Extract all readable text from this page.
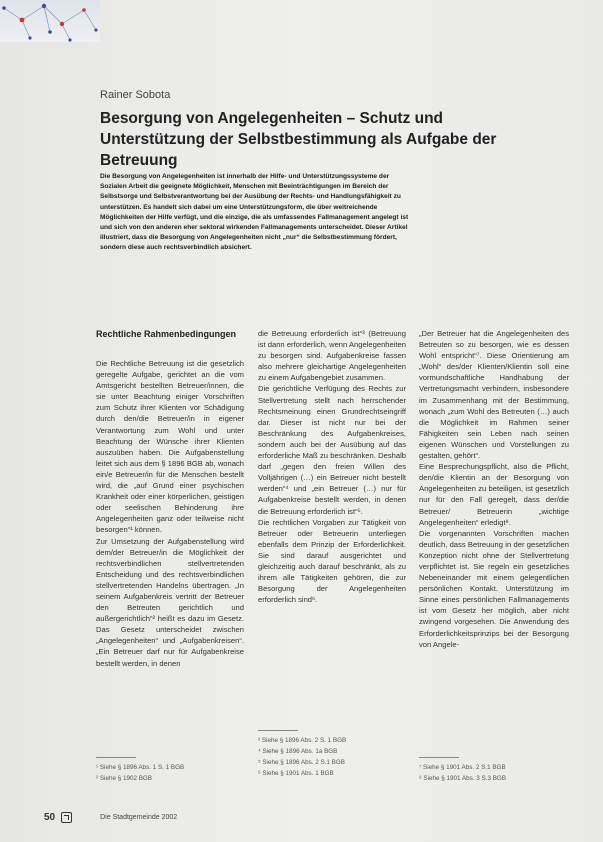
Rainer Sobota
Besorgung von Angelegenheiten – Schutz und Unterstützung der Selbstbestimmung als Aufgabe der Betreuung

Die Besorgung von Angelegenheiten ist innerhalb der Hilfe- und Unterstützungssysteme der Sozialen Arbeit die geeignete Möglichkeit, Menschen mit Beeinträchtigungen im Bereich der Selbstsorge und Selbstverantwortung bei der Ausübung der Rechts- und Handlungsfähigkeit zu unterstützen. Es handelt sich dabei um eine Unterstützungsform, die über weitreichende Möglichkeiten der Hilfe verfügt, und die einzige, die als umfassendes Fallmanagement angelegt ist und sich von den anderen eher sektoral wirkenden Fallmanagements unterscheidet. Dieser Artikel illustriert, dass die Besorgung von Angelegenheiten nicht „nur“ die Selbstbestimmung fördert, sondern diese auch rechtsverbindlich absichert.

Rechtliche Rahmenbedingungen

Die Rechtliche Betreuung ist die gesetzlich geregelte Aufgabe, gerichtet an die vom Amtsgericht bestellten Betreuer/innen, die sie unter Beachtung einiger Vorschriften zum Schutz ihrer Klienten vor Schädigung durch den/die Betreuer/in in eigener Verantwortung zum Wohl und unter Beachtung der Wünsche ihrer Klienten auszuüben haben. Die Aufgabenstellung leitet sich aus dem § 1896 BGB ab, wonach ein/e Betreuer/in für die Menschen bestellt wird, die „auf Grund einer psychischen Krankheit oder einer körperlichen, geistigen oder seelischen Behinderung ihre Angelegenheiten ganz oder teilweise nicht besorgen“¹ können.

Zur Umsetzung der Aufgabenstellung wird dem/der Betreuer/in die Möglichkeit der rechtsverbindlichen stellvertretenden Entscheidung und des rechtsverbindlichen stellvertretenden Handelns übertragen. „In seinem Aufgabenkreis vertritt der Betreuer den Betreuten gerichtlich und außergerichtlich“² heißt es dazu im Gesetz. Das Gesetz unterscheidet zwischen „Angelegenheiten“ und „Aufgabenkreisen“. „Ein Betreuer darf nur für Aufgabenkreise bestellt werden, in denen

die Betreuung erforderlich ist“³ (Betreuung ist dann erforderlich, wenn Angelegenheiten zu besorgen sind. Aufgabenkreise fassen also mehrere gleichartige Angelegenheiten zu einem Aufgabengebiet zusammen.

Die gerichtliche Verfügung des Rechts zur Stellvertretung stellt nach herrschender Rechtsmeinung einen Grundrechtseingriff dar. Dieser ist nicht nur bei der Beschränkung des Aufgabenkreises, sondern auch bei der Ausübung auf das erforderliche Maß zu beschränken. Deshalb darf „gegen den freien Willen des Volljährigen (…) ein Betreuer nicht bestellt werden“⁴ und „ein Betreuer (…) nur für Aufgabenkreise bestellt werden, in denen die Betreuung erforderlich ist“⁵.

Die rechtlichen Vorgaben zur Tätigkeit von Betreuer oder Betreuerin unterliegen ebenfalls dem Prinzip der Erforderlichkeit. Sie sind darauf ausgerichtet und gleichzeitig auch darauf beschränkt, als zu ihrem alle Tätigkeiten gehören, die zur Besorgung der Angelegenheiten erforderlich sind⁶.

„Der Betreuer hat die Angelegenheiten des Betreuten so zu besorgen, wie es dessen Wohl entspricht“⁷. Diese Orientierung am „Wohl“ des/der Klienten/Klientin soll eine vormundschaftliche Handhabung der Vertretungsmacht verhindern, insbesondere im Zusammenhang mit der Bestimmung, wonach „zum Wohl des Betreuten (…) auch die Möglichkeit im Rahmen seiner Fähigkeiten sein Leben nach seinen eigenen Wünschen und Vorstellungen zu gestalten, gehört“.

Eine Besprechungspflicht, also die Pflicht, den/die Klientin an der Besorgung von Angelegenheiten zu beteiligen, ist gesetzlich nur für den Fall geregelt, dass der/die Betreuer/ Betreuerin „wichtige Angelegenheiten“ erledigt⁸.

Die vorgenannten Vorschriften machen deutlich, dass Betreuung in der gesetzlichen Konzeption nicht ohne der Stellvertretung verpflichtet ist. Sie regeln ein gesetzliches Nebeneinander mit einem gelegentlichen persönlichen Kontakt. Unterstützung im Sinne eines persönlichen Fallmanagements ist vom Gesetz her möglich, aber nicht zwingend vorgesehen. Die Anwendung des Erforderlichkeitsprinzips bei der Besorgung von Angele-

¹ Siehe § 1896 Abs. 1 S. 1 BGB
² Siehe § 1902 BGB
³ Siehe § 1896 Abs. 2 S. 1 BGB
⁴ Siehe § 1896 Abs. 1a BGB
⁵ Siehe § 1896 Abs. 2 S.1 BGB
⁶ Siehe § 1901 Abs. 1 BGB
⁷ Siehe § 1901 Abs. 2 S.1 BGB
⁸ Siehe § 1901 Abs. 3 S.3 BGB
50	Die Stadtgemeinde 2002
